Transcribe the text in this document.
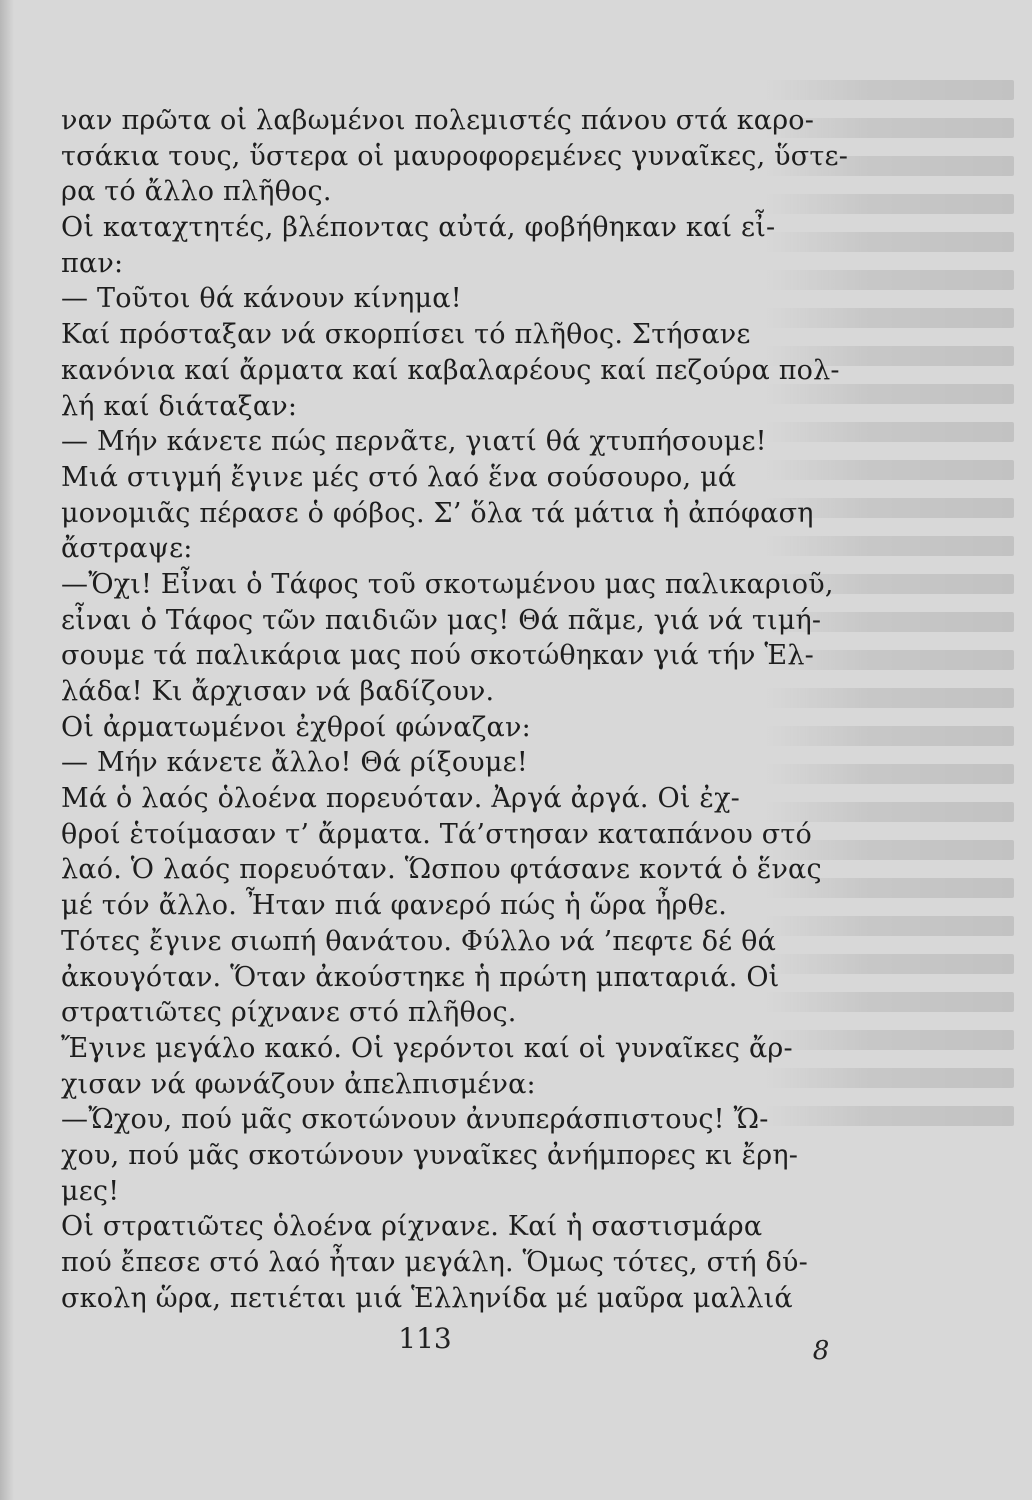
ναν πρῶτα οἱ λαβωμένοι πολεμιστές πάνου στά καρο-
τσάκια τους, ὕστερα οἱ μαυροφορεμένες γυναῖκες, ὕστε-
ρα τό ἄλλο πλῆθος.
Οἱ καταχτητές, βλέποντας αὐτά, φοβήθηκαν καί εἶ-
παν:
— Τοῦτοι θά κάνουν κίνημα!
Καί πρόσταξαν νά σκορπίσει τό πλῆθος. Στήσανε
κανόνια καί ἄρματα καί καβαλαρέους καί πεζούρα πολ-
λή καί διάταξαν:
— Μήν κάνετε πώς περνᾶτε, γιατί θά χτυπήσουμε!
Μιά στιγμή ἔγινε μές στό λαό ἕνα σούσουρο, μά
μονομιᾶς πέρασε ὁ φόβος. Σ’ ὅλα τά μάτια ἡ ἀπόφαση
ἄστραψε:
—Ὄχι! Εἶναι ὁ Τάφος τοῦ σκοτωμένου μας παλικαριοῦ,
εἶναι ὁ Τάφος τῶν παιδιῶν μας! Θά πᾶμε, γιά νά τιμή-
σουμε τά παλικάρια μας πού σκοτώθηκαν γιά τήν Ἑλ-
λάδα! Κι ἄρχισαν νά βαδίζουν.
Οἱ ἀρματωμένοι ἐχθροί φώναζαν:
— Μήν κάνετε ἄλλο! Θά ρίξουμε!
Μά ὁ λαός ὁλοένα πορευόταν. Ἀργά ἀργά. Οἱ ἐχ-
θροί ἑτοίμασαν τ’ ἄρματα. Τά’στησαν καταπάνου στό
λαό. Ὁ λαός πορευόταν. Ὥσπου φτάσανε κοντά ὁ ἕνας
μέ τόν ἄλλο. Ἦταν πιά φανερό πώς ἡ ὥρα ἦρθε.
Τότες ἔγινε σιωπή θανάτου. Φύλλο νά ’πεφτε δέ θά
ἀκουγόταν. Ὅταν ἀκούστηκε ἡ πρώτη μπαταριά. Οἱ
στρατιῶτες ρίχνανε στό πλῆθος.
Ἔγινε μεγάλο κακό. Οἱ γερόντοι καί οἱ γυναῖκες ἄρ-
χισαν νά φωνάζουν ἀπελπισμένα:
—Ὤχου, πού μᾶς σκοτώνουν ἀνυπεράσπιστους! Ὤ-
χου, πού μᾶς σκοτώνουν γυναῖκες ἀνήμπορες κι ἔρη-
μες!
Οἱ στρατιῶτες ὁλοένα ρίχνανε. Καί ἡ σαστισμάρα
πού ἔπεσε στό λαό ἦταν μεγάλη. Ὅμως τότες, στή δύ-
σκολη ὥρα, πετιέται μιά Ἑλληνίδα μέ μαῦρα μαλλιά
113	8
